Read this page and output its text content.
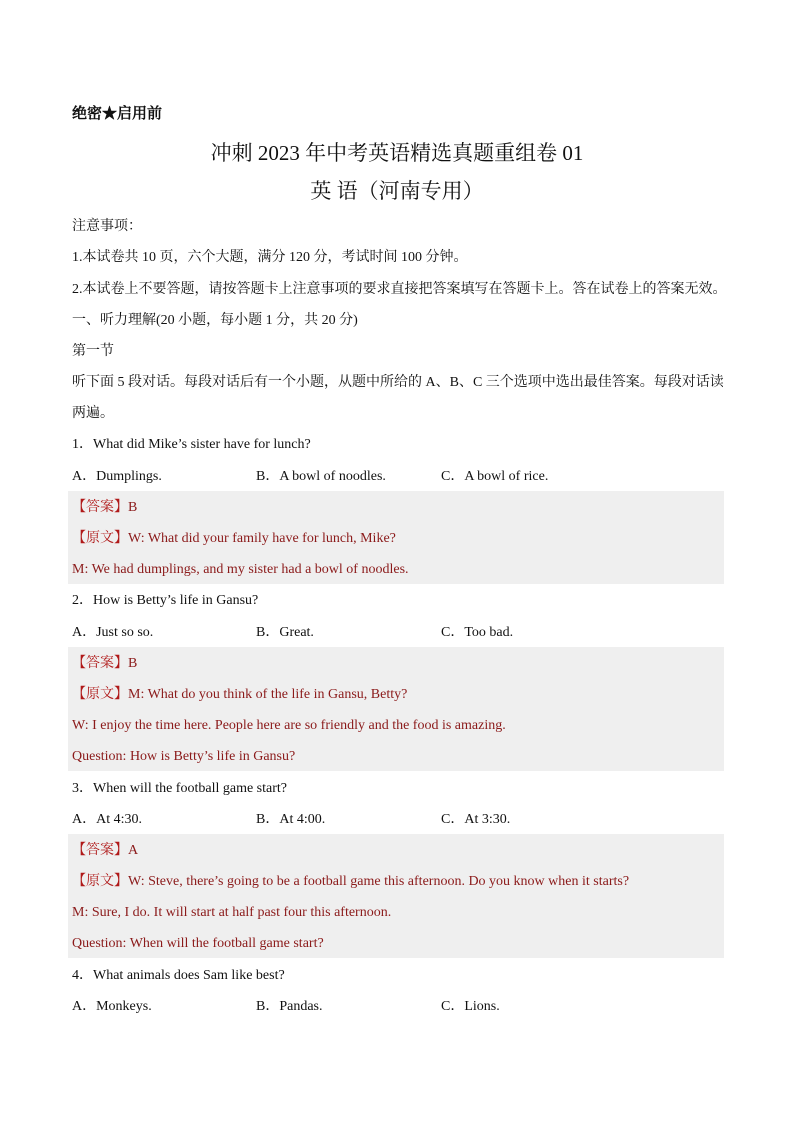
绝密★启用前
冲刺 2023 年中考英语精选真题重组卷 01
英 语（河南专用）
注意事项：
1.本试卷共 10 页，六个大题，满分 120 分，考试时间 100 分钟。
2.本试卷上不要答题，请按答题卡上注意事项的要求直接把答案填写在答题卡上。答在试卷上的答案无效。
一、听力理解(20 小题，每小题 1 分，共 20 分)
第一节
听下面 5 段对话。每段对话后有一个小题，从题中所给的 A、B、C 三个选项中选出最佳答案。每段对话读两遍。
1．What did Mike’s sister have for lunch?
A．Dumplings.	B．A bowl of noodles.	C．A bowl of rice.
【答案】B
【原文】W: What did your family have for lunch, Mike?
M: We had dumplings, and my sister had a bowl of noodles.
2．How is Betty’s life in Gansu?
A．Just so so.	B．Great.	C．Too bad.
【答案】B
【原文】M: What do you think of the life in Gansu, Betty?
W: I enjoy the time here. People here are so friendly and the food is amazing.
Question: How is Betty’s life in Gansu?
3．When will the football game start?
A．At 4:30.	B．At 4:00.	C．At 3:30.
【答案】A
【原文】W: Steve, there’s going to be a football game this afternoon. Do you know when it starts?
M: Sure, I do. It will start at half past four this afternoon.
Question: When will the football game start?
4．What animals does Sam like best?
A．Monkeys.	B．Pandas.	C．Lions.
